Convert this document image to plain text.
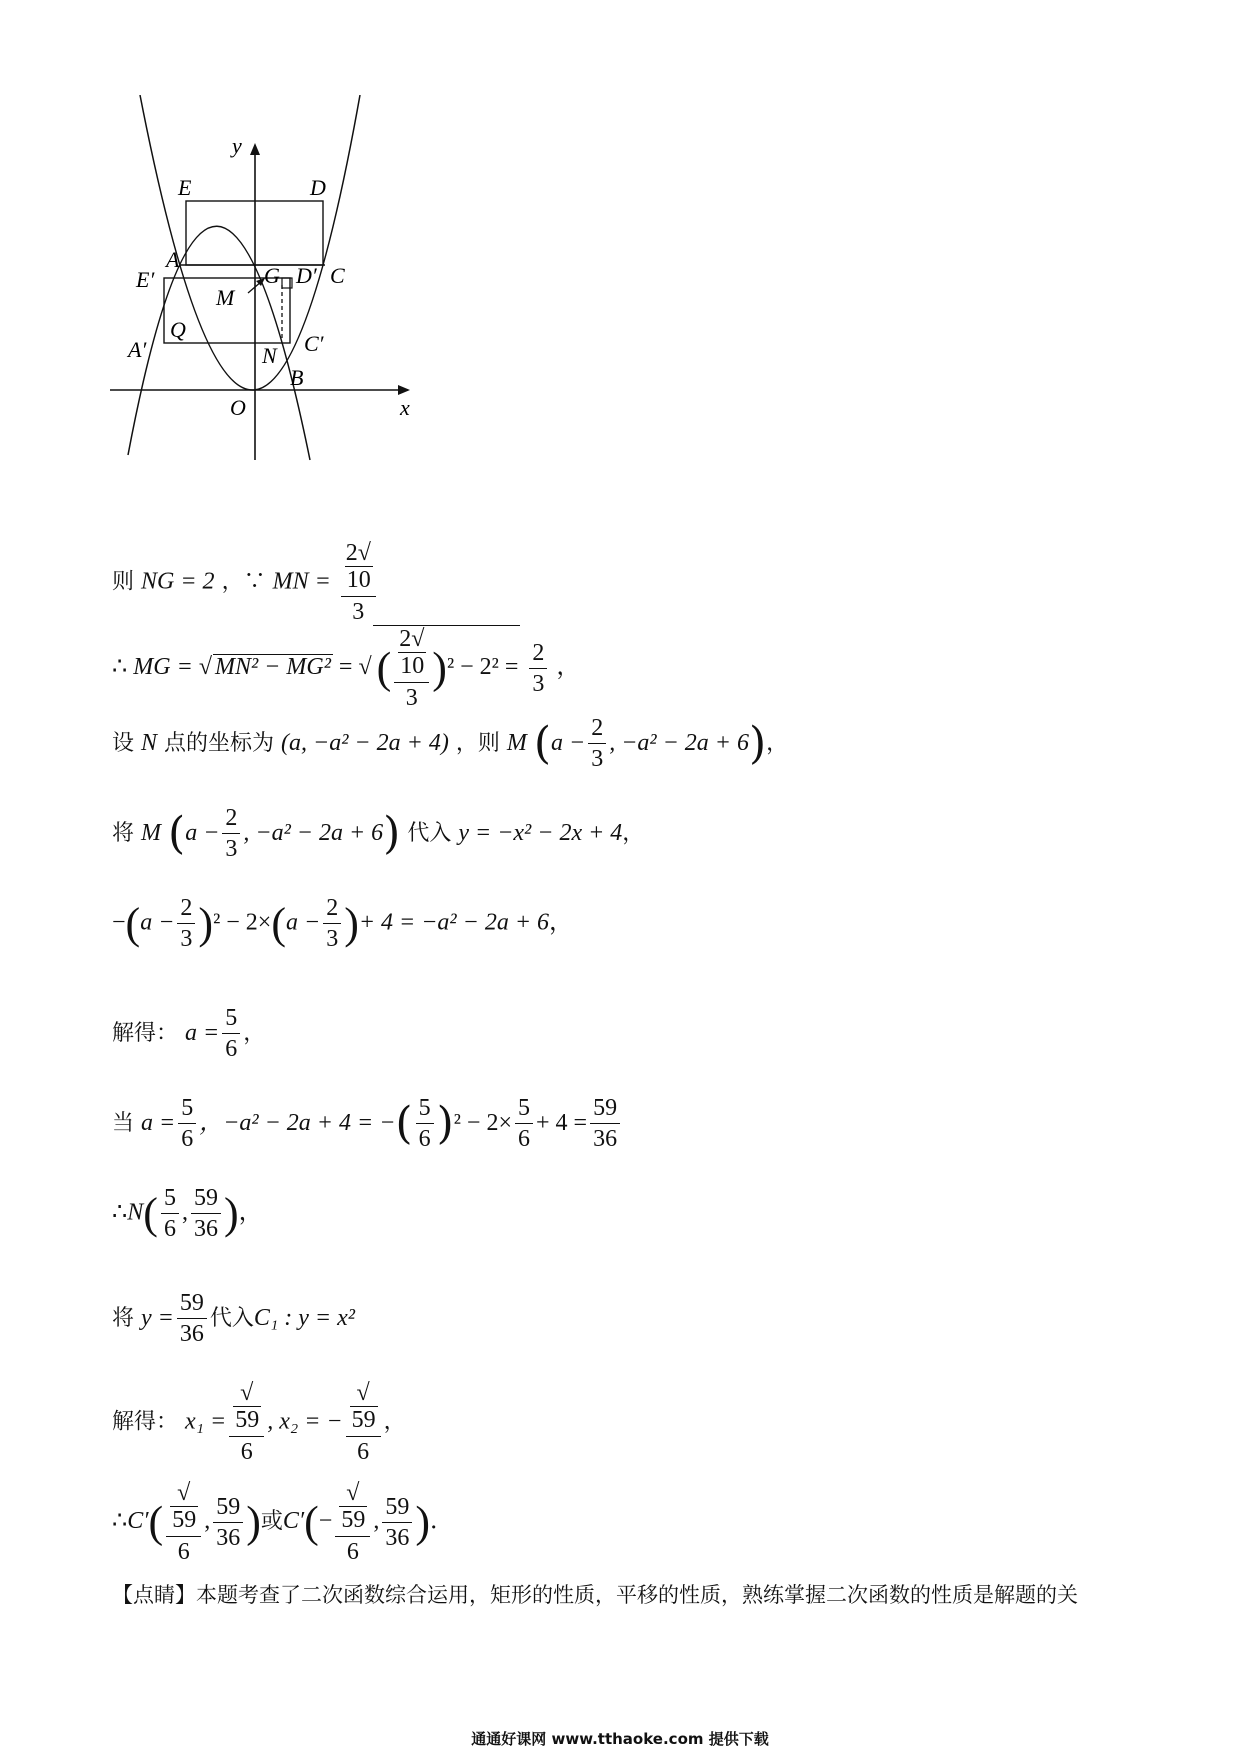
y
x
O
E	D
A
G D′ C
E′
M
Q
A′	N C′
B
则 NG = 2 ，∵ MN = 2√
10
3
∴ MG = √ MN² − MG² = √ ( 2√
10
3 )$^2 - 2^2 = \frac{2}{3}$ ，
设 N 点的坐标为 (a, −a² − 2a + 4) ，则 M ($a - \frac{2}{3}$ , −a² − 2a + 6)，
将 M ($a - \frac{2}{3}$ , −a² − 2a + 6) 代入 y = −x² − 2x + 4，
$-(a - \frac{2}{3} )^2 - 2\times(a - \frac{2}{3}$ )+ 4 = −a² − 2a + 6，
解得： $a = \frac{5}{6}$ ，
当 $a = \frac{5}{6}$ ，−a² − 2a + 4 = −( $\frac{5}{6} )^2 - 2\times \frac{5}{6} + 4 = \frac{59}{36}$
∴N( $\frac{5}{6}$ , $\frac{59}{36}$ )，
将 $y = \frac{59}{36}$ 代入C₁ : y = x²
解得： x₁ = √
59
6 , x₂ = − √
59
6 ，
∴C′( √
59
6 , $\frac{59}{36}$ )或C′(− √
59
6 , $\frac{59}{36}$ )．
【点睛】本题考查了二次函数综合运用，矩形的性质，平移的性质，熟练掌握二次函数的性质是解题的关
通通好课网 www.tthaoke.com 提供下载
